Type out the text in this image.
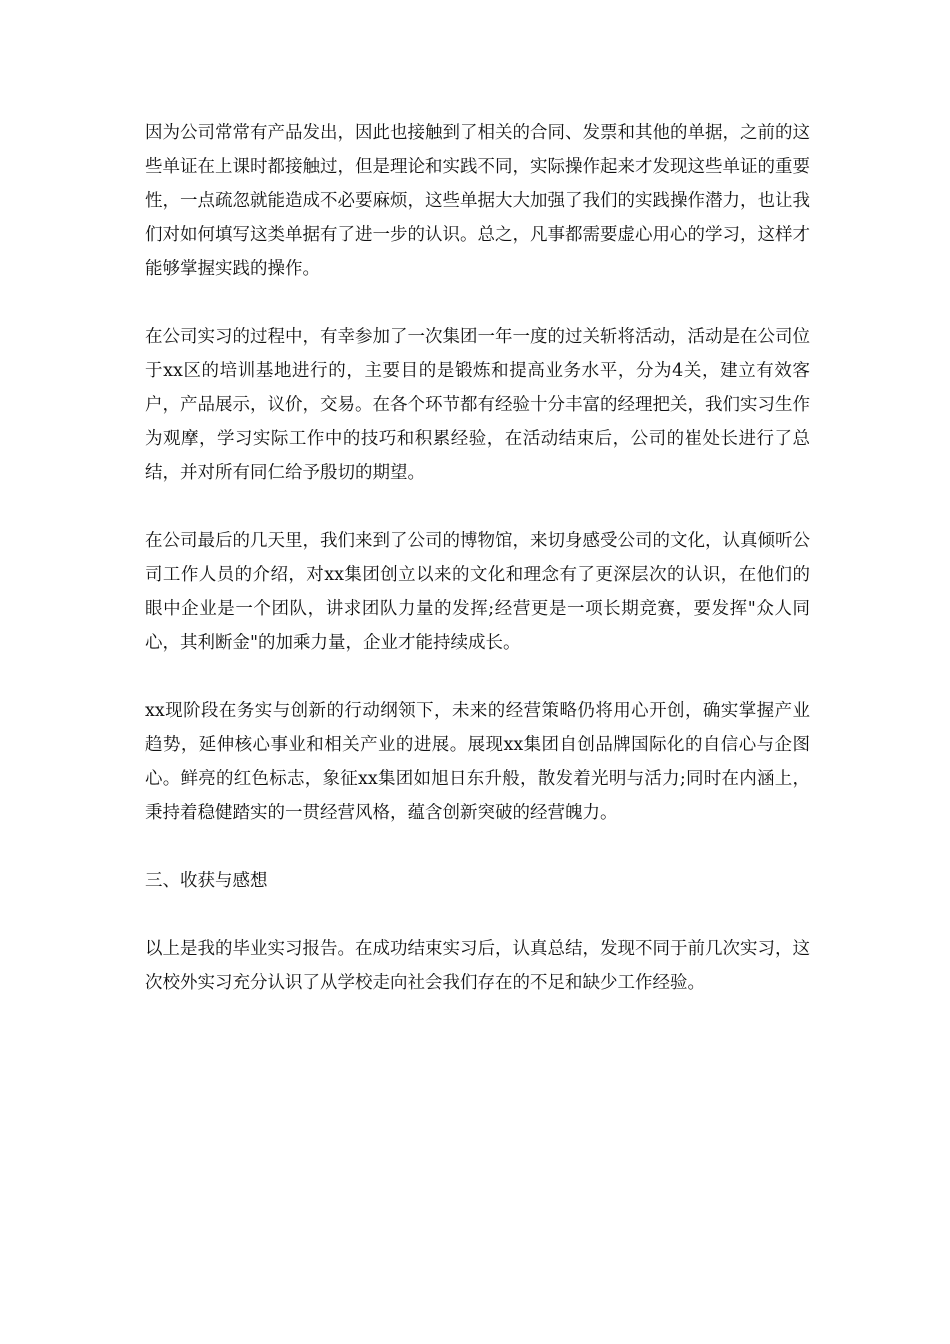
因为公司常常有产品发出，因此也接触到了相关的合同、发票和其他的单据，之前的这些单证在上课时都接触过，但是理论和实践不同，实际操作起来才发现这些单证的重要性，一点疏忽就能造成不必要麻烦，这些单据大大加强了我们的实践操作潜力，也让我们对如何填写这类单据有了进一步的认识。总之，凡事都需要虚心用心的学习，这样才能够掌握实践的操作。

在公司实习的过程中，有幸参加了一次集团一年一度的过关斩将活动，活动是在公司位于xx区的培训基地进行的，主要目的是锻炼和提高业务水平，分为4关，建立有效客户，产品展示，议价，交易。在各个环节都有经验十分丰富的经理把关，我们实习生作为观摩，学习实际工作中的技巧和积累经验，在活动结束后，公司的崔处长进行了总结，并对所有同仁给予殷切的期望。

在公司最后的几天里，我们来到了公司的博物馆，来切身感受公司的文化，认真倾听公司工作人员的介绍，对xx集团创立以来的文化和理念有了更深层次的认识，在他们的眼中企业是一个团队，讲求团队力量的发挥;经营更是一项长期竞赛，要发挥"众人同心，其利断金"的加乘力量，企业才能持续成长。

xx现阶段在务实与创新的行动纲领下，未来的经营策略仍将用心开创，确实掌握产业趋势，延伸核心事业和相关产业的进展。展现xx集团自创品牌国际化的自信心与企图心。鲜亮的红色标志，象征xx集团如旭日东升般，散发着光明与活力;同时在内涵上，秉持着稳健踏实的一贯经营风格，蕴含创新突破的经营魄力。

三、收获与感想

以上是我的毕业实习报告。在成功结束实习后，认真总结，发现不同于前几次实习，这次校外实习充分认识了从学校走向社会我们存在的不足和缺少工作经验。
